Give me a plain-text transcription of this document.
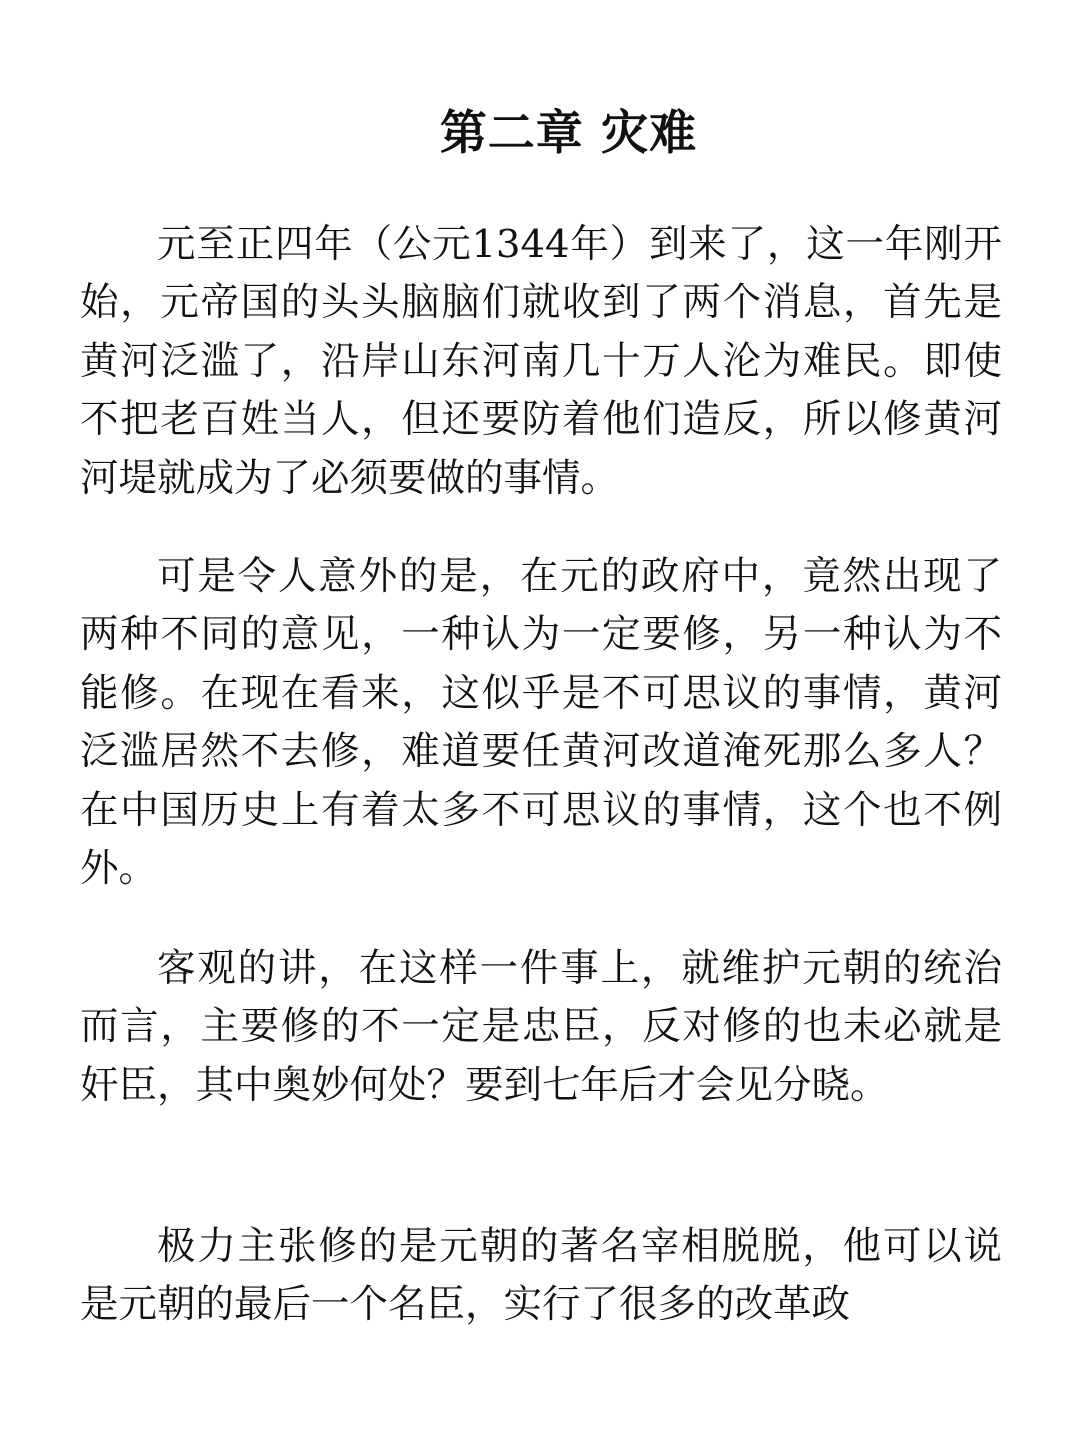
第二章 灾难

元至正四年（公元1344年）到来了，这一年刚开始，元帝国的头头脑脑们就收到了两个消息，首先是黄河泛滥了，沿岸山东河南几十万人沦为难民。即使不把老百姓当人，但还要防着他们造反，所以修黄河河堤就成为了必须要做的事情。

可是令人意外的是，在元的政府中，竟然出现了两种不同的意见，一种认为一定要修，另一种认为不能修。在现在看来，这似乎是不可思议的事情，黄河泛滥居然不去修，难道要任黄河改道淹死那么多人？在中国历史上有着太多不可思议的事情，这个也不例外。

客观的讲，在这样一件事上，就维护元朝的统治而言，主要修的不一定是忠臣，反对修的也未必就是奸臣，其中奥妙何处？要到七年后才会见分晓。

极力主张修的是元朝的著名宰相脱脱，他可以说是元朝的最后一个名臣，实行了很多的改革政
